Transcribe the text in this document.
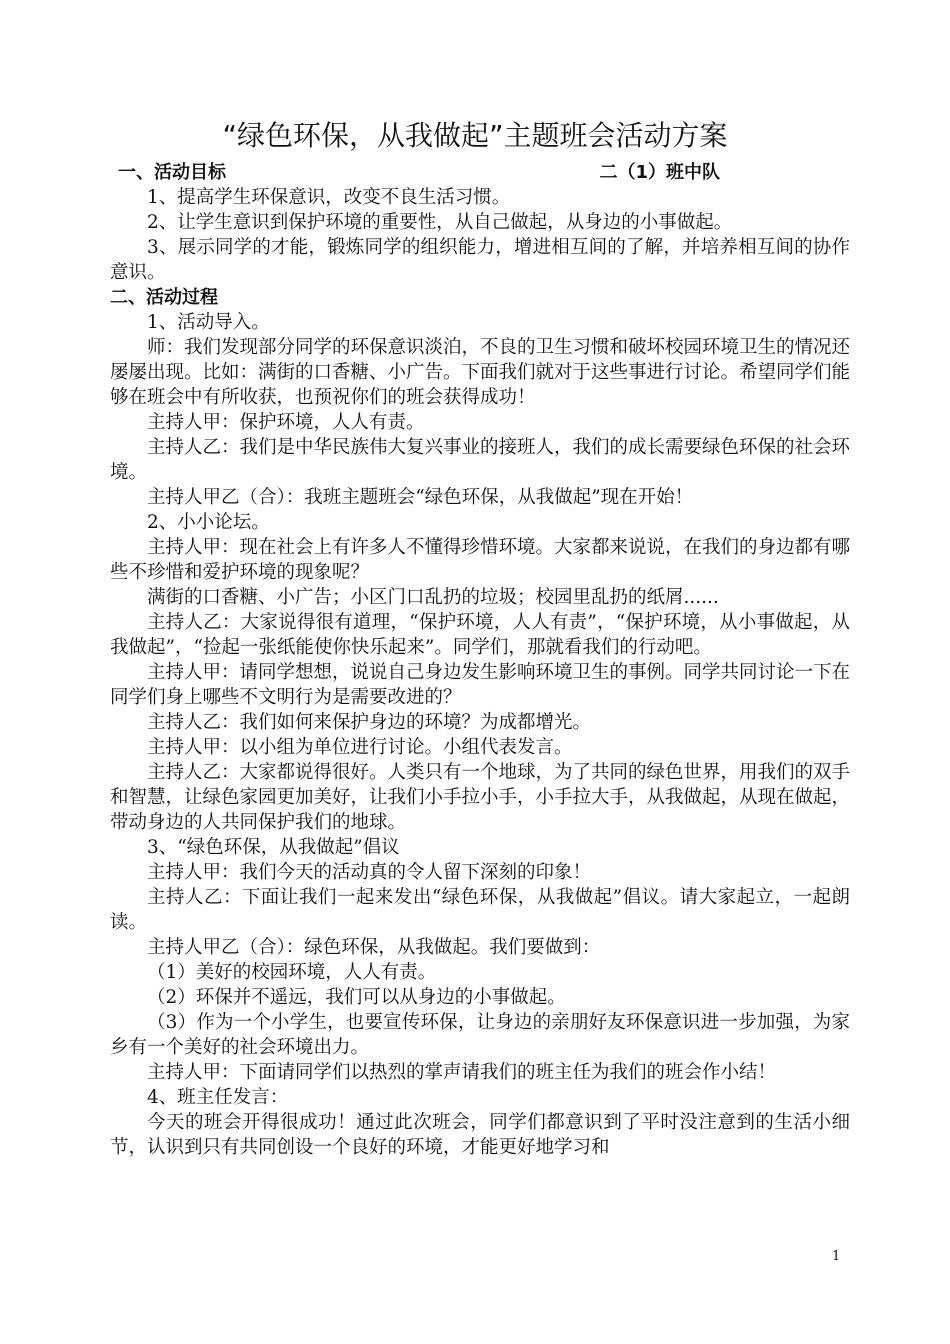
“绿色环保，从我做起”主题班会活动方案
一、活动目标	二（1）班中队

1、提高学生环保意识，改变不良生活习惯。

2、让学生意识到保护环境的重要性，从自己做起，从身边的小事做起。

3、展示同学的才能，锻炼同学的组织能力，增进相互间的了解，并培养相互间的协作意识。

二、活动过程

1、活动导入。

师：我们发现部分同学的环保意识淡泊，不良的卫生习惯和破坏校园环境卫生的情况还屡屡出现。比如：满街的口香糖、小广告。下面我们就对于这些事进行讨论。希望同学们能够在班会中有所收获，也预祝你们的班会获得成功！

主持人甲：保护环境，人人有责。

主持人乙：我们是中华民族伟大复兴事业的接班人，我们的成长需要绿色环保的社会环境。

主持人甲乙（合）：我班主题班会“绿色环保，从我做起”现在开始！

2、小小论坛。

主持人甲：现在社会上有许多人不懂得珍惜环境。大家都来说说，在我们的身边都有哪些不珍惜和爱护环境的现象呢？

满街的口香糖、小广告；小区门口乱扔的垃圾；校园里乱扔的纸屑......

主持人乙：大家说得很有道理，“保护环境，人人有责”，“保护环境，从小事做起，从我做起”，“捡起一张纸能使你快乐起来”。同学们，那就看我们的行动吧。

主持人甲：请同学想想，说说自己身边发生影响环境卫生的事例。同学共同讨论一下在同学们身上哪些不文明行为是需要改进的？

主持人乙：我们如何来保护身边的环境？为成都增光。

主持人甲：以小组为单位进行讨论。小组代表发言。

主持人乙：大家都说得很好。人类只有一个地球，为了共同的绿色世界，用我们的双手和智慧，让绿色家园更加美好，让我们小手拉小手，小手拉大手，从我做起，从现在做起，带动身边的人共同保护我们的地球。

3、“绿色环保，从我做起”倡议

主持人甲：我们今天的活动真的令人留下深刻的印象！

主持人乙：下面让我们一起来发出“绿色环保，从我做起”倡议。请大家起立，一起朗读。

主持人甲乙（合）：绿色环保，从我做起。我们要做到：

（1）美好的校园环境，人人有责。

（2）环保并不遥远，我们可以从身边的小事做起。

（3）作为一个小学生，也要宣传环保，让身边的亲朋好友环保意识进一步加强，为家乡有一个美好的社会环境出力。

主持人甲：下面请同学们以热烈的掌声请我们的班主任为我们的班会作小结！

4、班主任发言：

今天的班会开得很成功！通过此次班会，同学们都意识到了平时没注意到的生活小细节，认识到只有共同创设一个良好的环境，才能更好地学习和

1
